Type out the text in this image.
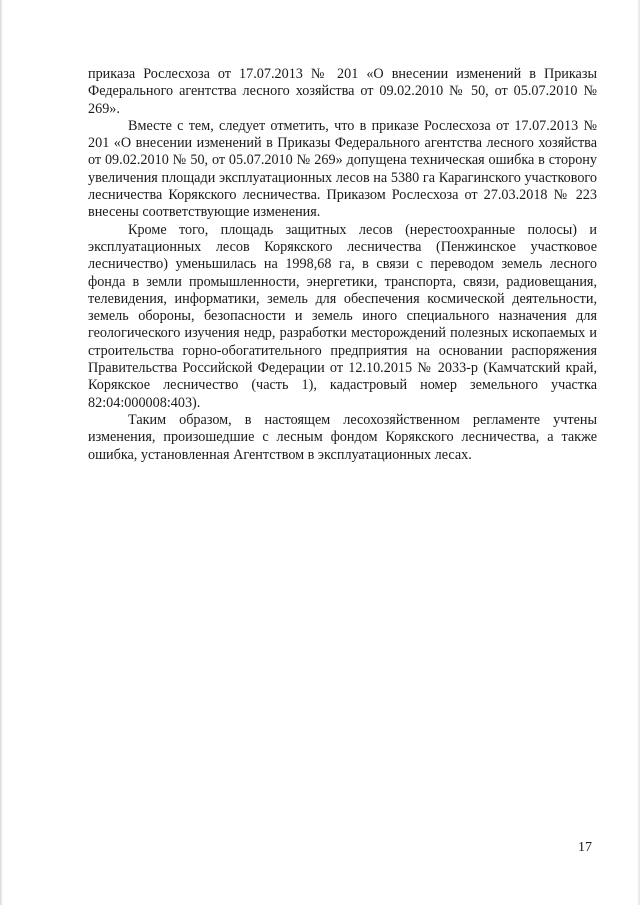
приказа Рослесхоза от 17.07.2013 № 201 «О внесении изменений в Приказы Федерального агентства лесного хозяйства от 09.02.2010 № 50, от 05.07.2010 № 269».

Вместе с тем, следует отметить, что в приказе Рослесхоза от 17.07.2013 № 201 «О внесении изменений в Приказы Федерального агентства лесного хозяйства от 09.02.2010 № 50, от 05.07.2010 № 269» допущена техническая ошибка в сторону увеличения площади эксплуатационных лесов на 5380 га Карагинского участкового лесничества Корякского лесничества. Приказом Рослесхоза от 27.03.2018 № 223 внесены соответствующие изменения.

Кроме того, площадь защитных лесов (нерестоохранные полосы) и эксплуатационных лесов Корякского лесничества (Пенжинское участковое лесничество) уменьшилась на 1998,68 га, в связи с переводом земель лесного фонда в земли промышленности, энергетики, транспорта, связи, радиовещания, телевидения, информатики, земель для обеспечения космической деятельности, земель обороны, безопасности и земель иного специального назначения для геологического изучения недр, разработки месторождений полезных ископаемых и строительства горно-обогатительного предприятия на основании распоряжения Правительства Российской Федерации от 12.10.2015 № 2033-р (Камчатский край, Корякское лесничество (часть 1), кадастровый номер земельного участка 82:04:000008:403).

Таким образом, в настоящем лесохозяйственном регламенте учтены изменения, произошедшие с лесным фондом Корякского лесничества, а также ошибка, установленная Агентством в эксплуатационных лесах.

17
